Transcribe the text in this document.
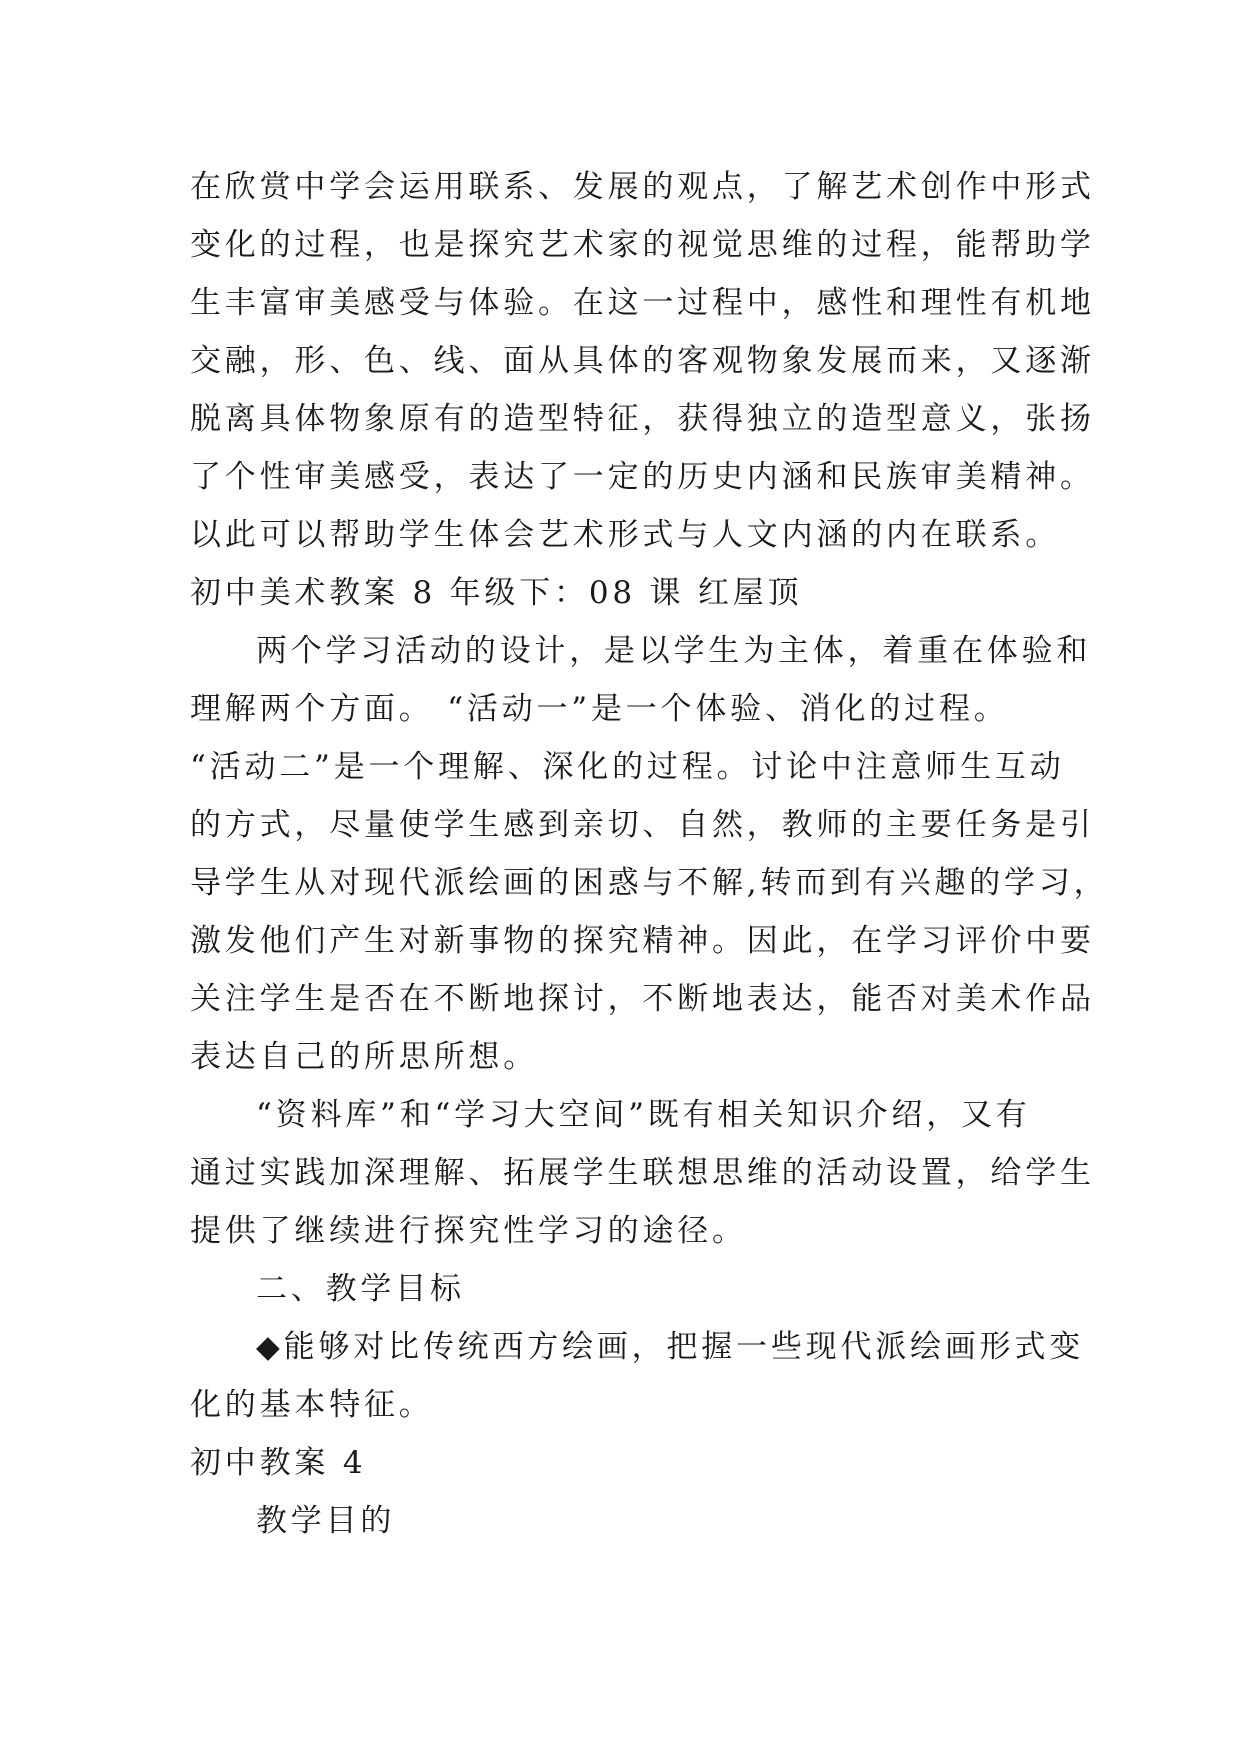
在欣赏中学会运用联系、发展的观点，了解艺术创作中形式
变化的过程，也是探究艺术家的视觉思维的过程，能帮助学
生丰富审美感受与体验。在这一过程中，感性和理性有机地
交融，形、色、线、面从具体的客观物象发展而来，又逐渐
脱离具体物象原有的造型特征，获得独立的造型意义，张扬
了个性审美感受，表达了一定的历史内涵和民族审美精神。
以此可以帮助学生体会艺术形式与人文内涵的内在联系。
初中美术教案 8 年级下：08 课 红屋顶
两个学习活动的设计，是以学生为主体，着重在体验和
理解两个方面。 “活动一”是一个体验、消化的过程。
“活动二”是一个理解、深化的过程。讨论中注意师生互动
的方式，尽量使学生感到亲切、自然，教师的主要任务是引
导学生从对现代派绘画的困惑与不解,转而到有兴趣的学习，
激发他们产生对新事物的探究精神。因此，在学习评价中要
关注学生是否在不断地探讨，不断地表达，能否对美术作品
表达自己的所思所想。
“资料库”和“学习大空间”既有相关知识介绍，又有
通过实践加深理解、拓展学生联想思维的活动设置，给学生
提供了继续进行探究性学习的途径。
二、教学目标
◆能够对比传统西方绘画，把握一些现代派绘画形式变
化的基本特征。
初中教案 4
教学目的
